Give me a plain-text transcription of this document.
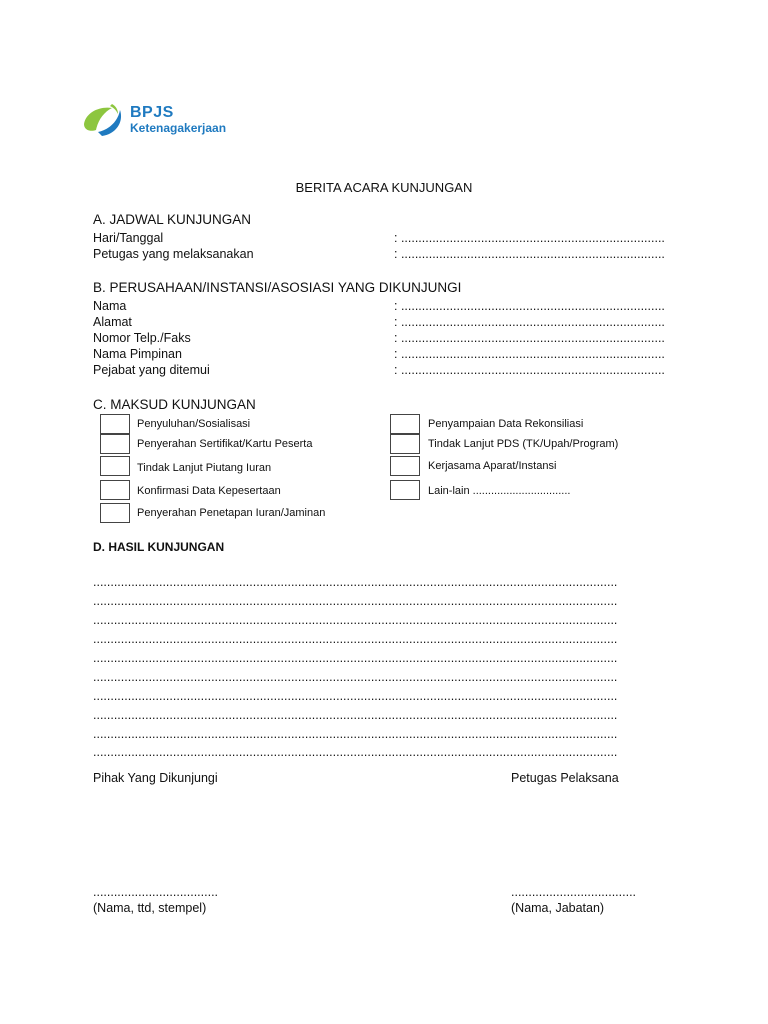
BPJS
Ketenagakerjaan
BERITA ACARA KUNJUNGAN
A. JADWAL KUNJUNGAN
Hari/Tanggal	: ............................................................................
Petugas yang melaksanakan	: ............................................................................
B. PERUSAHAAN/INSTANSI/ASOSIASI YANG DIKUNJUNGI
Nama	: ............................................................................
Alamat	: ............................................................................
Nomor Telp./Faks	: ............................................................................
Nama Pimpinan	: ............................................................................
Pejabat yang ditemui	: ............................................................................
C. MAKSUD KUNJUNGAN
Penyuluhan/Sosialisasi
Penyerahan Sertifikat/Kartu Peserta
Tindak Lanjut Piutang Iuran
Konfirmasi Data Kepesertaan
Penyerahan Penetapan Iuran/Jaminan
Penyampaian Data Rekonsiliasi
Tindak Lanjut PDS (TK/Upah/Program)
Kerjasama Aparat/Instansi
Lain-lain ................................
D. HASIL KUNJUNGAN
.......................................................................................................................................................
.......................................................................................................................................................
.......................................................................................................................................................
.......................................................................................................................................................
.......................................................................................................................................................
.......................................................................................................................................................
.......................................................................................................................................................
.......................................................................................................................................................
.......................................................................................................................................................
.......................................................................................................................................................
Pihak Yang Dikunjungi	Petugas Pelaksana
....................................	....................................
(Nama, ttd, stempel)	(Nama, Jabatan)
